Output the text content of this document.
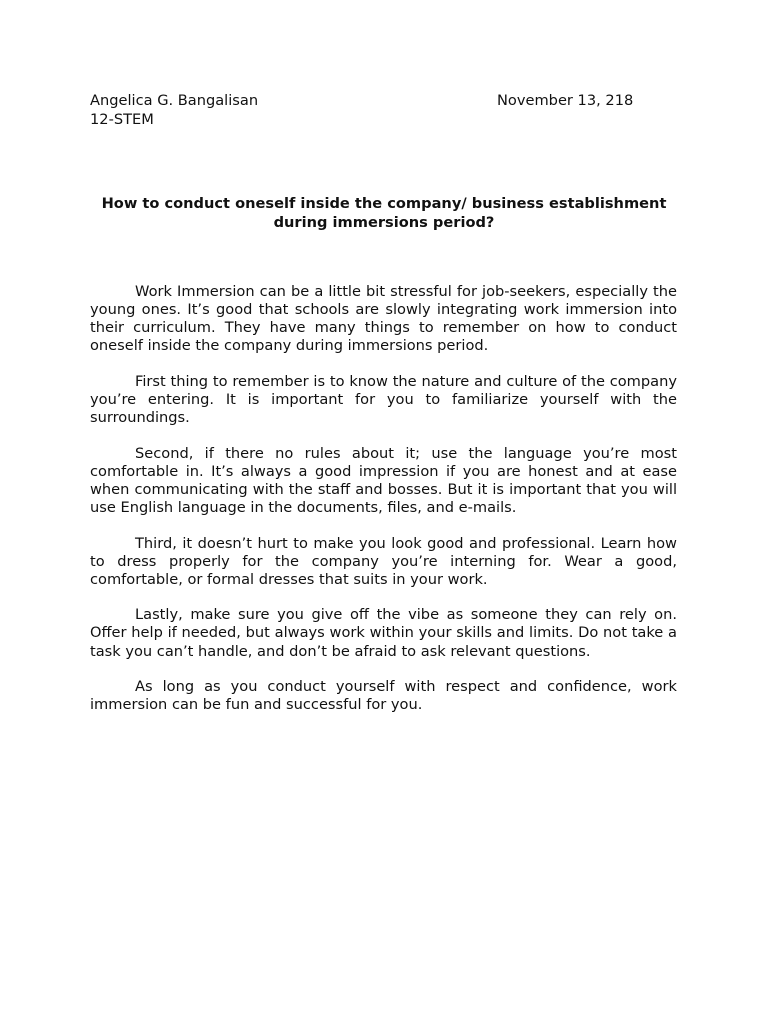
Angelica G. Bangalisan	November 13, 218
12-STEM
How to conduct oneself inside the company/ business establishment
during immersions period?

Work Immersion can be a little bit stressful for job-seekers, especially the young ones. It’s good that schools are slowly integrating work immersion into their curriculum. They have many things to remember on how to conduct oneself inside the company during immersions period.

First thing to remember is to know the nature and culture of the company you’re entering. It is important for you to familiarize yourself with the surroundings.

Second, if there no rules about it; use the language you’re most comfortable in. It’s always a good impression if you are honest and at ease when communicating with the staff and bosses. But it is important that you will use English language in the documents, files, and e-mails.

Third, it doesn’t hurt to make you look good and professional. Learn how to dress properly for the company you’re interning for. Wear a good, comfortable, or formal dresses that suits in your work.

Lastly, make sure you give off the vibe as someone they can rely on. Offer help if needed, but always work within your skills and limits. Do not take a task you can’t handle, and don’t be afraid to ask relevant questions.

As long as you conduct yourself with respect and confidence, work immersion can be fun and successful for you.
